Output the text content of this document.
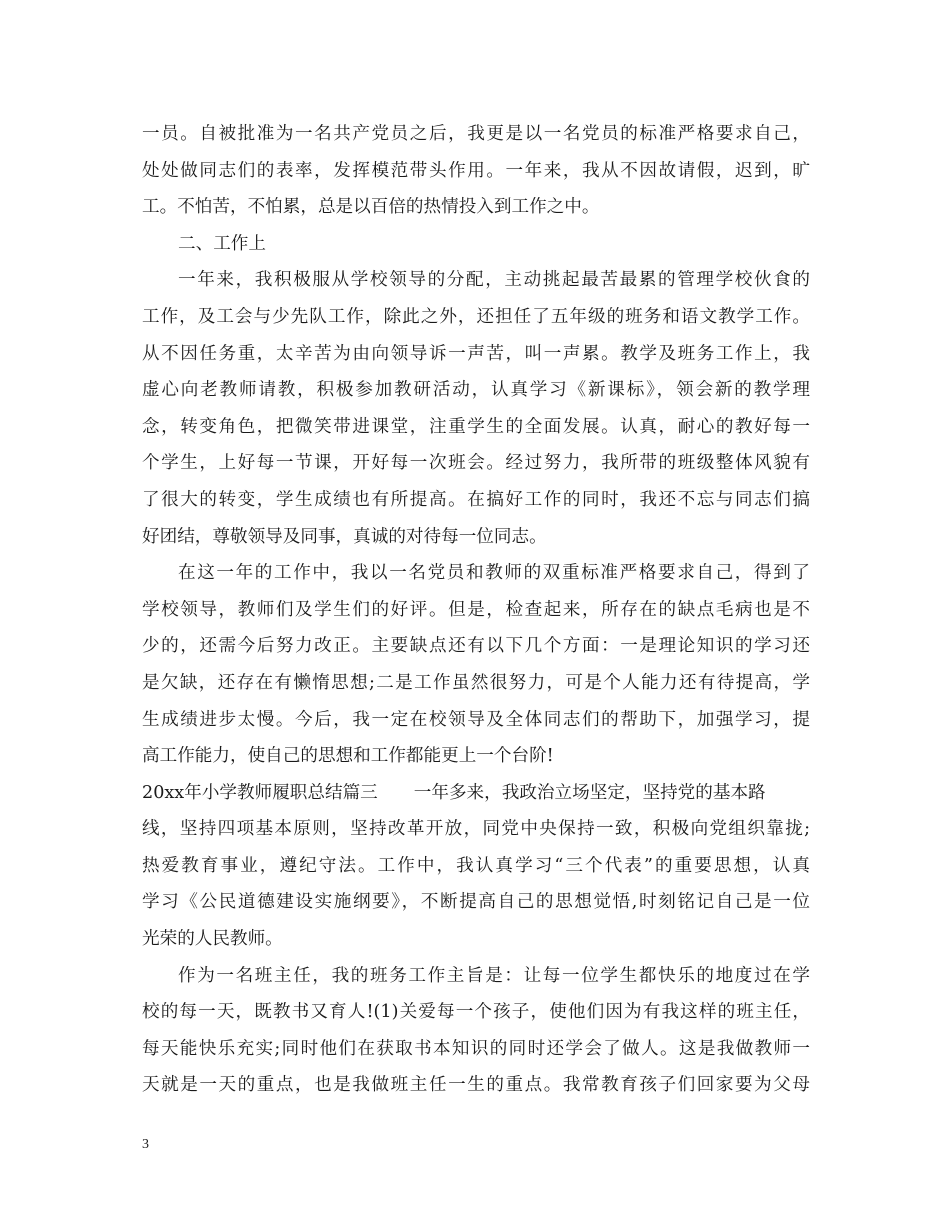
一员。自被批准为一名共产党员之后，我更是以一名党员的标准严格要求自己，
处处做同志们的表率，发挥模范带头作用。一年来，我从不因故请假，迟到，旷
工。不怕苦，不怕累，总是以百倍的热情投入到工作之中。
二、工作上
一年来，我积极服从学校领导的分配，主动挑起最苦最累的管理学校伙食的
工作，及工会与少先队工作，除此之外，还担任了五年级的班务和语文教学工作。
从不因任务重，太辛苦为由向领导诉一声苦，叫一声累。教学及班务工作上，我
虚心向老教师请教，积极参加教研活动，认真学习《新课标》，领会新的教学理
念，转变角色，把微笑带进课堂，注重学生的全面发展。认真，耐心的教好每一
个学生，上好每一节课，开好每一次班会。经过努力，我所带的班级整体风貌有
了很大的转变，学生成绩也有所提高。在搞好工作的同时，我还不忘与同志们搞
好团结，尊敬领导及同事，真诚的对待每一位同志。
在这一年的工作中，我以一名党员和教师的双重标准严格要求自己，得到了
学校领导，教师们及学生们的好评。但是，检查起来，所存在的缺点毛病也是不
少的，还需今后努力改正。主要缺点还有以下几个方面：一是理论知识的学习还
是欠缺，还存在有懒惰思想;二是工作虽然很努力，可是个人能力还有待提高，学
生成绩进步太慢。今后，我一定在校领导及全体同志们的帮助下，加强学习，提
高工作能力，使自己的思想和工作都能更上一个台阶!
20xx年小学教师履职总结篇三 一年多来，我政治立场坚定，坚持党的基本路
线，坚持四项基本原则，坚持改革开放，同党中央保持一致，积极向党组织靠拢;
热爱教育事业，遵纪守法。工作中，我认真学习“三个代表”的重要思想，认真
学习《公民道德建设实施纲要》，不断提高自己的思想觉悟,时刻铭记自己是一位
光荣的人民教师。
作为一名班主任，我的班务工作主旨是：让每一位学生都快乐的地度过在学
校的每一天，既教书又育人!(1)关爱每一个孩子，使他们因为有我这样的班主任，
每天能快乐充实;同时他们在获取书本知识的同时还学会了做人。这是我做教师一
天就是一天的重点，也是我做班主任一生的重点。我常教育孩子们回家要为父母
3
